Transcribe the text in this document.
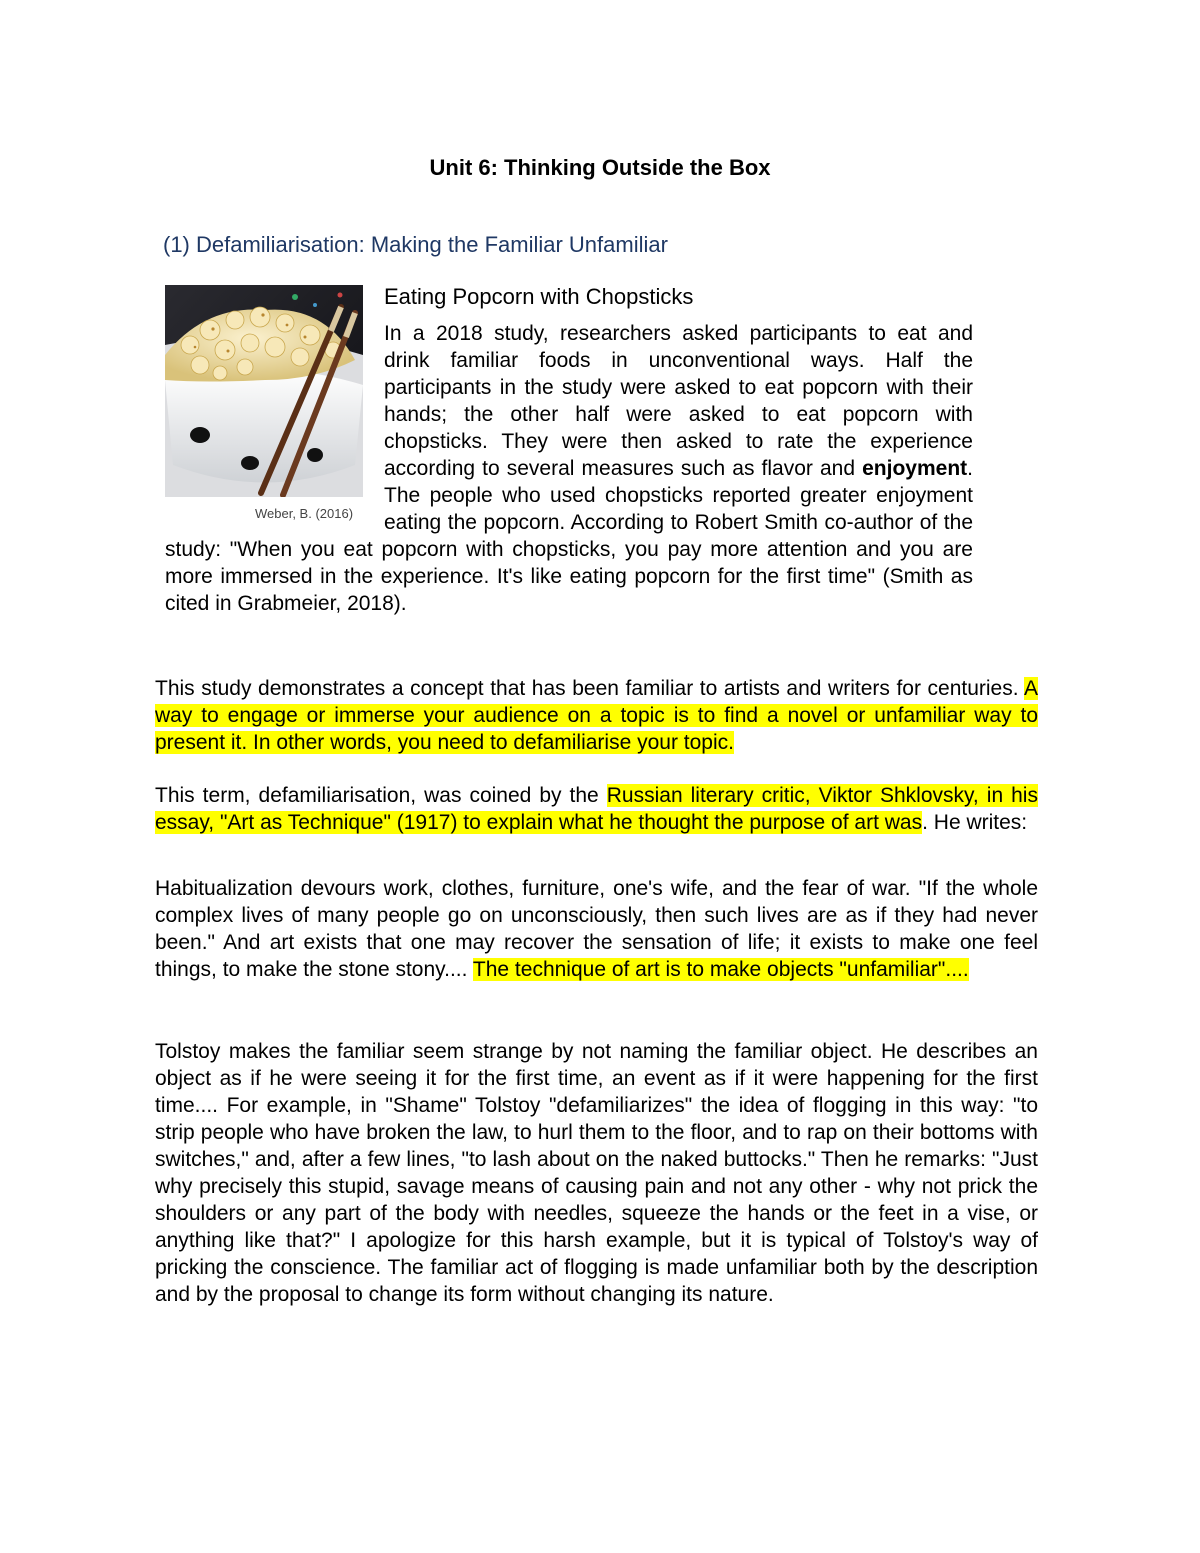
Unit 6: Thinking Outside the Box
(1) Defamiliarisation: Making the Familiar Unfamiliar
Weber, B. (2016)
Eating Popcorn with Chopsticks

In a 2018 study, researchers asked participants to eat and drink familiar foods in unconventional ways. Half the participants in the study were asked to eat popcorn with their hands; the other half were asked to eat popcorn with chopsticks. They were then asked to rate the experience according to several measures such as flavor and enjoyment. The people who used chopsticks reported greater enjoyment eating the popcorn. According to Robert Smith co-author of the study: "When you eat popcorn with chopsticks, you pay more attention and you are more immersed in the experience. It's like eating popcorn for the first time" (Smith as cited in Grabmeier, 2018).

This study demonstrates a concept that has been familiar to artists and writers for centuries. A way to engage or immerse your audience on a topic is to find a novel or unfamiliar way to present it. In other words, you need to defamiliarise your topic.

This term, defamiliarisation, was coined by the Russian literary critic, Viktor Shklovsky, in his essay, "Art as Technique" (1917) to explain what he thought the purpose of art was. He writes:

Habitualization devours work, clothes, furniture, one's wife, and the fear of war. "If the whole complex lives of many people go on unconsciously, then such lives are as if they had never been." And art exists that one may recover the sensation of life; it exists to make one feel things, to make the stone stony.... The technique of art is to make objects "unfamiliar"....

Tolstoy makes the familiar seem strange by not naming the familiar object. He describes an object as if he were seeing it for the first time, an event as if it were happening for the first time.... For example, in "Shame" Tolstoy "defamiliarizes" the idea of flogging in this way: "to strip people who have broken the law, to hurl them to the floor, and to rap on their bottoms with switches," and, after a few lines, "to lash about on the naked buttocks." Then he remarks: "Just why precisely this stupid, savage means of causing pain and not any other - why not prick the shoulders or any part of the body with needles, squeeze the hands or the feet in a vise, or anything like that?" I apologize for this harsh example, but it is typical of Tolstoy's way of pricking the conscience. The familiar act of flogging is made unfamiliar both by the description and by the proposal to change its form without changing its nature.
